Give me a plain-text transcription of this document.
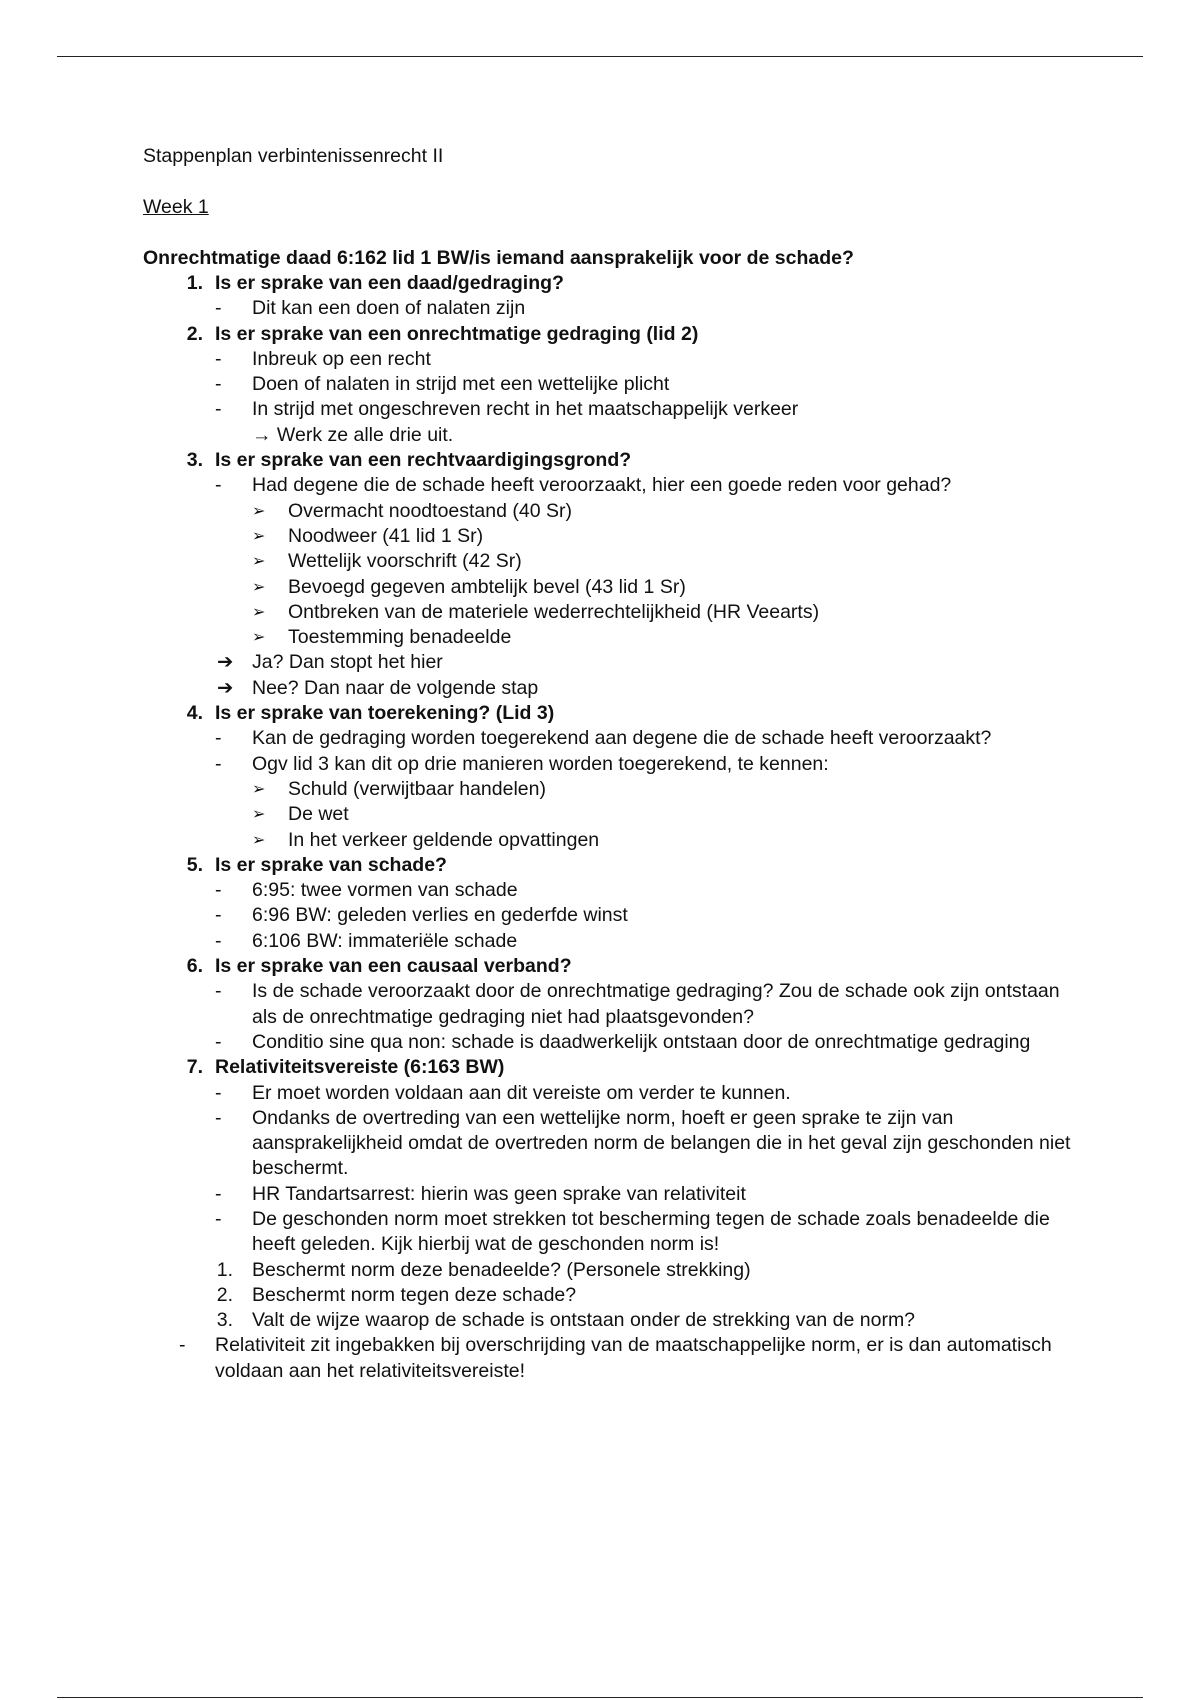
Stappenplan verbintenissenrecht II
Week 1
Onrechtmatige daad 6:162 lid 1 BW/is iemand aansprakelijk voor de schade?
1. Is er sprake van een daad/gedraging?
- Dit kan een doen of nalaten zijn
2. Is er sprake van een onrechtmatige gedraging (lid 2)
- Inbreuk op een recht
- Doen of nalaten in strijd met een wettelijke plicht
- In strijd met ongeschreven recht in het maatschappelijk verkeer
→ Werk ze alle drie uit.
3. Is er sprake van een rechtvaardigingsgrond?
- Had degene die de schade heeft veroorzaakt, hier een goede reden voor gehad?
➢ Overmacht noodtoestand (40 Sr)
➢ Noodweer (41 lid 1 Sr)
➢ Wettelijk voorschrift (42 Sr)
➢ Bevoegd gegeven ambtelijk bevel (43 lid 1 Sr)
➢ Ontbreken van de materiele wederrechtelijkheid (HR Veearts)
➢ Toestemming benadeelde
➔ Ja? Dan stopt het hier
➔ Nee? Dan naar de volgende stap
4. Is er sprake van toerekening? (Lid 3)
- Kan de gedraging worden toegerekend aan degene die de schade heeft veroorzaakt?
- Ogv lid 3 kan dit op drie manieren worden toegerekend, te kennen:
➢ Schuld (verwijtbaar handelen)
➢ De wet
➢ In het verkeer geldende opvattingen
5. Is er sprake van schade?
- 6:95: twee vormen van schade
- 6:96 BW: geleden verlies en gederfde winst
- 6:106 BW: immateriële schade
6. Is er sprake van een causaal verband?
- Is de schade veroorzaakt door de onrechtmatige gedraging? Zou de schade ook zijn ontstaan als de onrechtmatige gedraging niet had plaatsgevonden?
- Conditio sine qua non: schade is daadwerkelijk ontstaan door de onrechtmatige gedraging
7. Relativiteitsvereiste (6:163 BW)
- Er moet worden voldaan aan dit vereiste om verder te kunnen.
- Ondanks de overtreding van een wettelijke norm, hoeft er geen sprake te zijn van aansprakelijkheid omdat de overtreden norm de belangen die in het geval zijn geschonden niet beschermt.
- HR Tandartsarrest: hierin was geen sprake van relativiteit
- De geschonden norm moet strekken tot bescherming tegen de schade zoals benadeelde die heeft geleden. Kijk hierbij wat de geschonden norm is!
1. Beschermt norm deze benadeelde? (Personele strekking)
2. Beschermt norm tegen deze schade?
3. Valt de wijze waarop de schade is ontstaan onder de strekking van de norm?
- Relativiteit zit ingebakken bij overschrijding van de maatschappelijke norm, er is dan automatisch voldaan aan het relativiteitsvereiste!
